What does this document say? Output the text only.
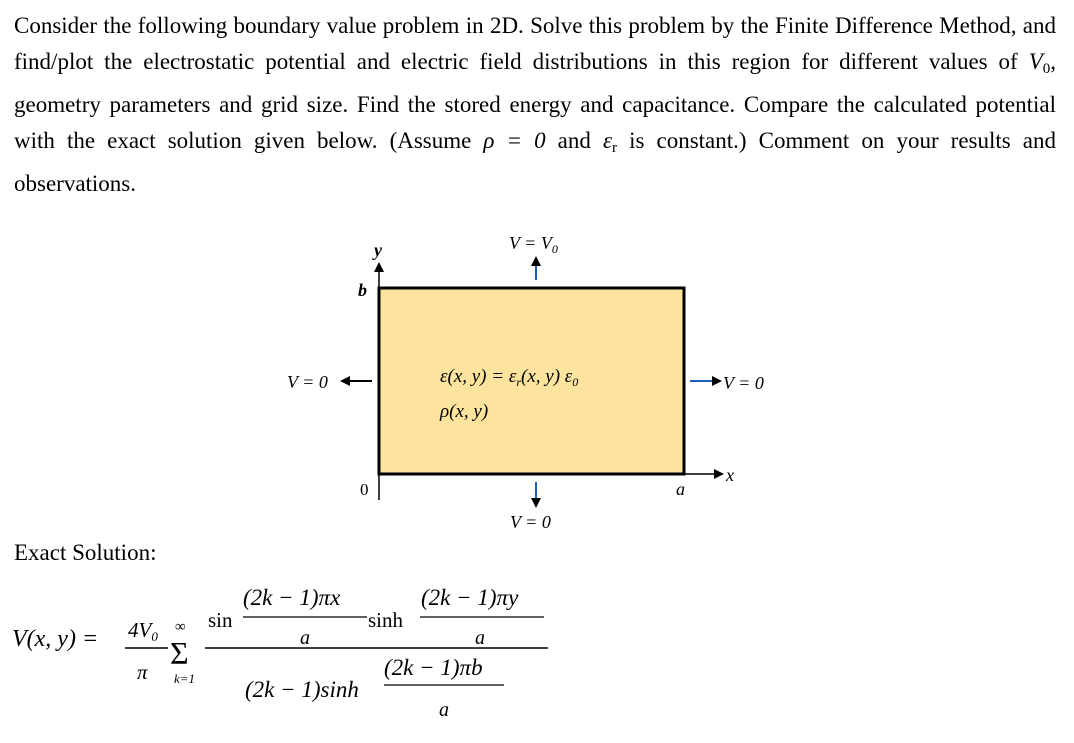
Consider the following boundary value problem in 2D. Solve this problem by the Finite Difference Method, and find/plot the electrostatic potential and electric field distributions in this region for different values of $V_0$, geometry parameters and grid size. Find the stored energy and capacitance. Compare the calculated potential with the exact solution given below. (Assume ρ = 0 and $\varepsilon_r$ is constant.) Comment on your results and observations.
y
x
b
a
0
$V = V_0$
V = 0	V = 0
V = 0
ε(x, $y) = \varepsilon_r(x$, y) $\varepsilon_0$
ρ(x, y)
V(x, y) = 4V0
π
∞
Σ
k=1
sin
(2k − 1)πx
a
sinh
(2k − 1)πy
a
(2k − 1)sinh
(2k − 1)πb
a
Exact Solution:
